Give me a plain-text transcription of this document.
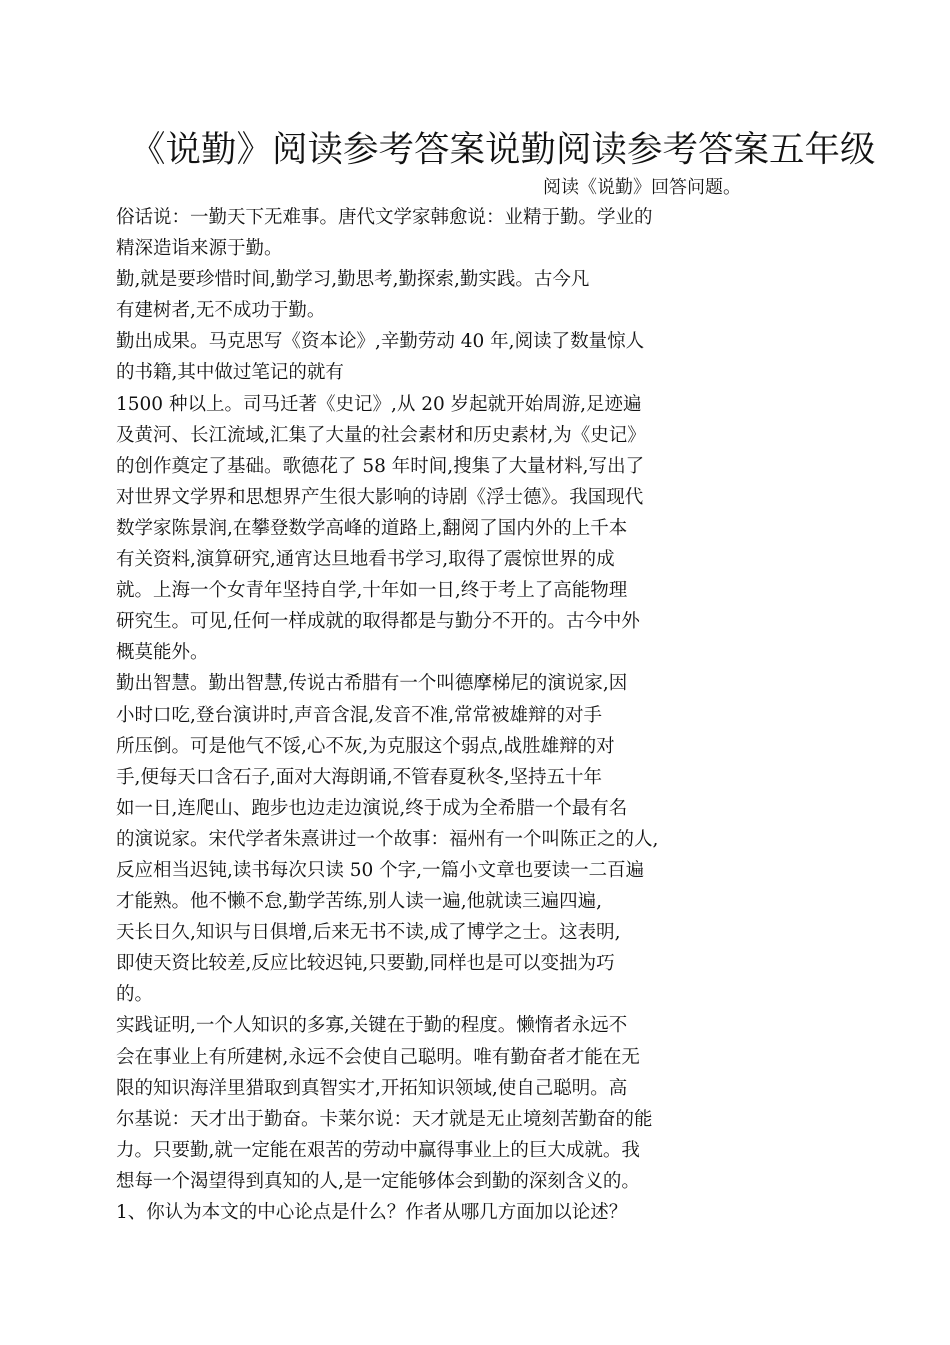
《说勤》阅读参考答案说勤阅读参考答案五年级
阅读《说勤》回答问题。
俗话说：一勤天下无难事。唐代文学家韩愈说：业精于勤。学业的
精深造诣来源于勤。
勤,就是要珍惜时间,勤学习,勤思考,勤探索,勤实践。古今凡
有建树者,无不成功于勤。
勤出成果。马克思写《资本论》,辛勤劳动 40 年,阅读了数量惊人
的书籍,其中做过笔记的就有
1500 种以上。司马迁著《史记》,从 20 岁起就开始周游,足迹遍
及黄河、长江流域,汇集了大量的社会素材和历史素材,为《史记》
的创作奠定了基础。歌德花了 58 年时间,搜集了大量材料,写出了
对世界文学界和思想界产生很大影响的诗剧《浮士德》。我国现代
数学家陈景润,在攀登数学高峰的道路上,翻阅了国内外的上千本
有关资料,演算研究,通宵达旦地看书学习,取得了震惊世界的成
就。上海一个女青年坚持自学,十年如一日,终于考上了高能物理
研究生。可见,任何一样成就的取得都是与勤分不开的。古今中外
概莫能外。
勤出智慧。勤出智慧,传说古希腊有一个叫德摩梯尼的演说家,因
小时口吃,登台演讲时,声音含混,发音不准,常常被雄辩的对手
所压倒。可是他气不馁,心不灰,为克服这个弱点,战胜雄辩的对
手,便每天口含石子,面对大海朗诵,不管春夏秋冬,坚持五十年
如一日,连爬山、跑步也边走边演说,终于成为全希腊一个最有名
的演说家。宋代学者朱熹讲过一个故事：福州有一个叫陈正之的人,
反应相当迟钝,读书每次只读 50 个字,一篇小文章也要读一二百遍
才能熟。他不懒不怠,勤学苦练,别人读一遍,他就读三遍四遍,
天长日久,知识与日俱增,后来无书不读,成了博学之士。这表明,
即使天资比较差,反应比较迟钝,只要勤,同样也是可以变拙为巧
的。
实践证明,一个人知识的多寡,关键在于勤的程度。懒惰者永远不
会在事业上有所建树,永远不会使自己聪明。唯有勤奋者才能在无
限的知识海洋里猎取到真智实才,开拓知识领域,使自己聪明。高
尔基说：天才出于勤奋。卡莱尔说：天才就是无止境刻苦勤奋的能
力。只要勤,就一定能在艰苦的劳动中赢得事业上的巨大成就。我
想每一个渴望得到真知的人,是一定能够体会到勤的深刻含义的。
1、你认为本文的中心论点是什么？作者从哪几方面加以论述？
